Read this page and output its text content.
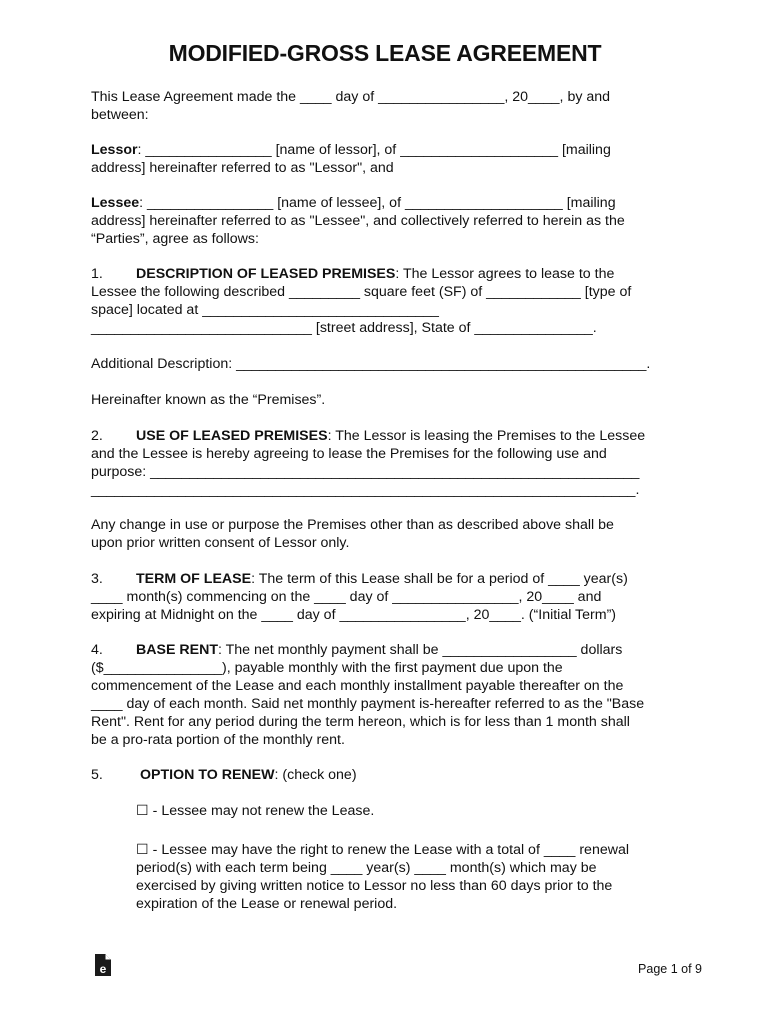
MODIFIED-GROSS LEASE AGREEMENT
This Lease Agreement made the ____ day of ________________, 20____, by and
between:
Lessor: ________________ [name of lessor], of ____________________ [mailing
address] hereinafter referred to as "Lessor", and
Lessee: ________________ [name of lessee], of ____________________ [mailing
address] hereinafter referred to as "Lessee", and collectively referred to herein as the
“Parties”, agree as follows:
1. DESCRIPTION OF LEASED PREMISES: The Lessor agrees to lease to the
Lessee the following described _________ square feet (SF) of ____________ [type of
space] located at ______________________________
____________________________ [street address], State of _______________.
Additional Description: ____________________________________________________.
Hereinafter known as the “Premises”.
2. USE OF LEASED PREMISES: The Lessor is leasing the Premises to the Lessee
and the Lessee is hereby agreeing to lease the Premises for the following use and
purpose: ______________________________________________________________
_____________________________________________________________________.
Any change in use or purpose the Premises other than as described above shall be
upon prior written consent of Lessor only.
3. TERM OF LEASE: The term of this Lease shall be for a period of ____ year(s)
____ month(s) commencing on the ____ day of ________________, 20____ and
expiring at Midnight on the ____ day of ________________, 20____. (“Initial Term”)
4. BASE RENT: The net monthly payment shall be _________________ dollars
($_______________), payable monthly with the first payment due upon the
commencement of the Lease and each monthly installment payable thereafter on the
____ day of each month. Said net monthly payment is-hereafter referred to as the "Base
Rent". Rent for any period during the term hereon, which is for less than 1 month shall
be a pro-rata portion of the monthly rent.
5.	OPTION TO RENEW: (check one)
☐ - Lessee may not renew the Lease.
☐ - Lessee may have the right to renew the Lease with a total of ____ renewal
period(s) with each term being ____ year(s) ____ month(s) which may be
exercised by giving written notice to Lessor no less than 60 days prior to the
expiration of the Lease or renewal period.
e	Page 1 of 9
